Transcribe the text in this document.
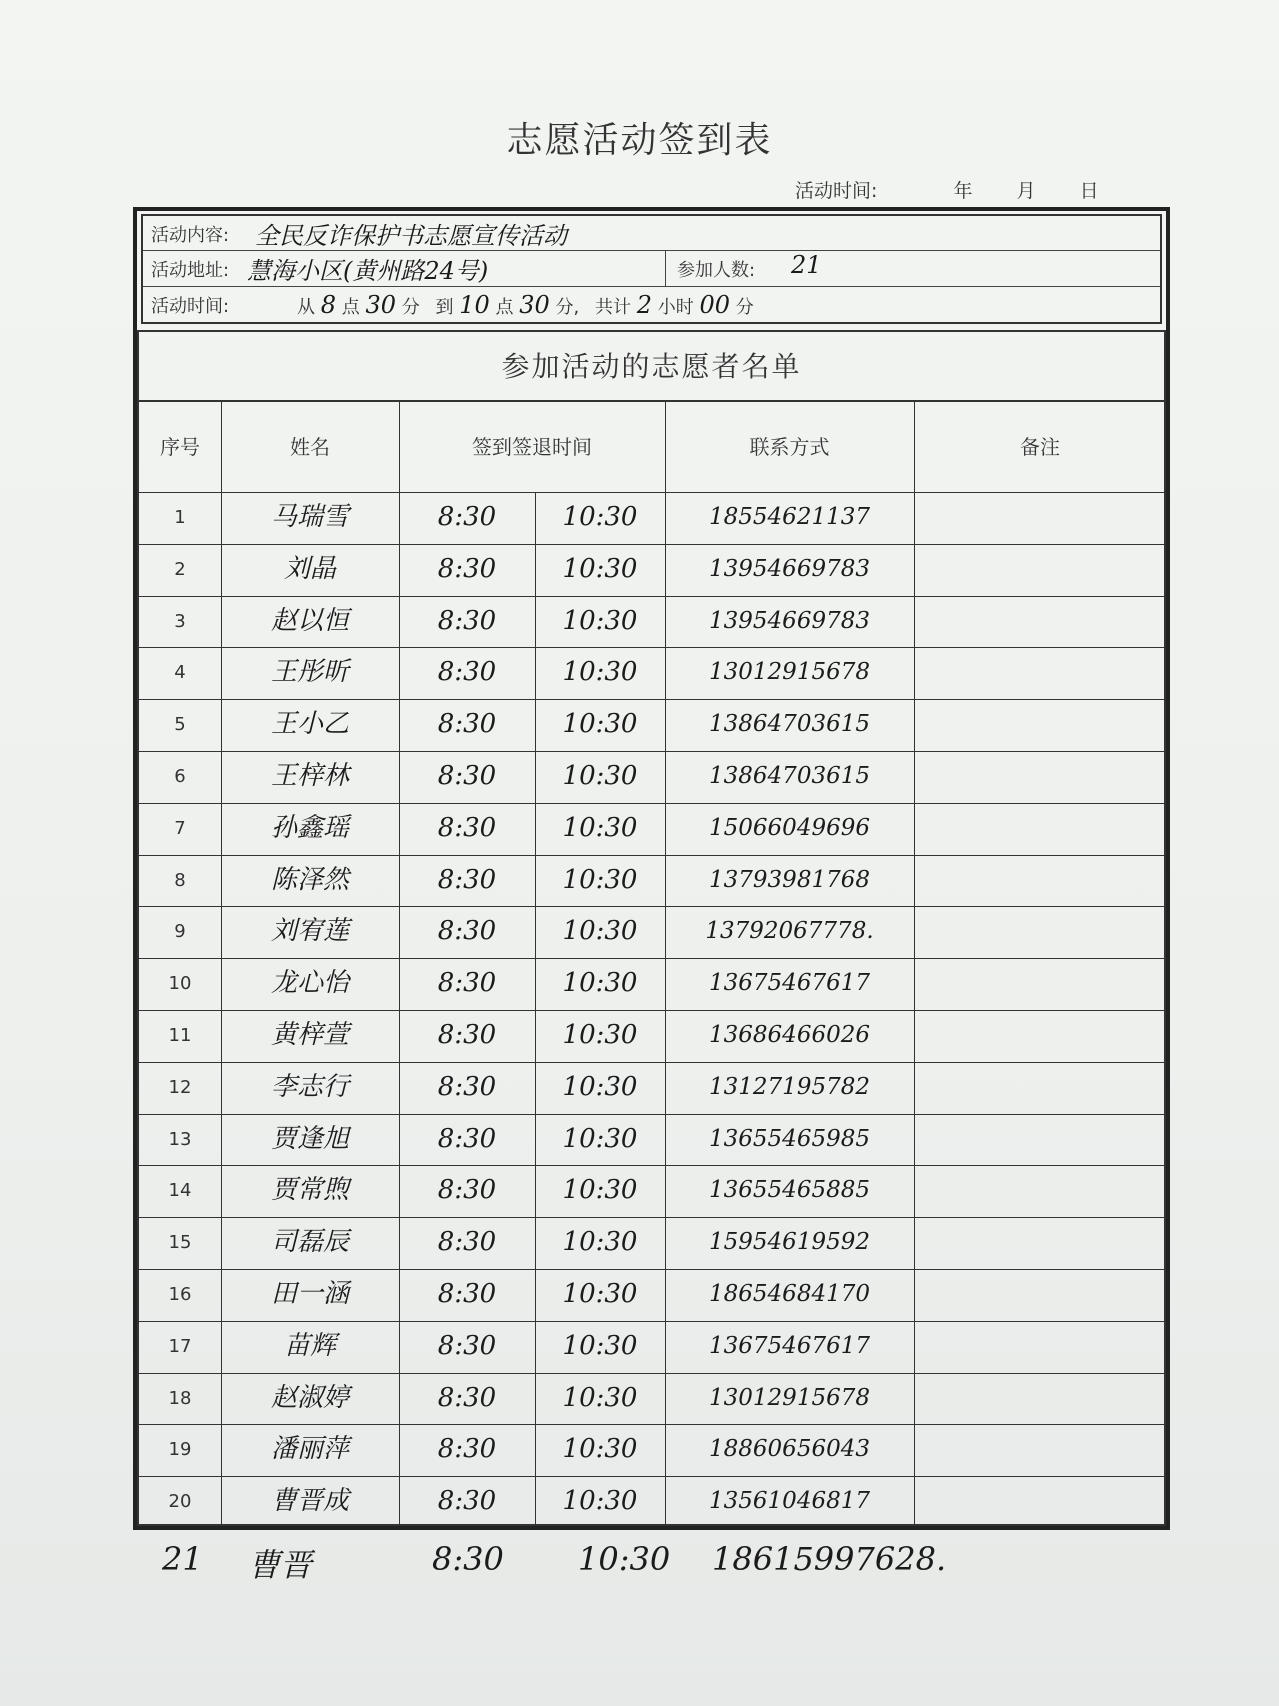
志愿活动签到表
活动时间:	年 月 日
活动内容: 全民反诈保护书志愿宣传活动
活动地址: 慧海小区(黄州路24号)	参加人数: 21
活动时间:	从 8 点 30 分 到 10 点 30 分, 共计 2 小时 00 分
参加活动的志愿者名单
序号	姓名	签到签退时间	联系方式	备注
1	马瑞雪	8:30	10:30	18554621137
2	刘晶	8:30	10:30	13954669783
3	赵以恒	8:30	10:30	13954669783
4	王彤昕	8:30	10:30	13012915678
5	王小乙	8:30	10:30	13864703615
6	王梓林	8:30	10:30	13864703615
7	孙鑫瑶	8:30	10:30	15066049696
8	陈泽然	8:30	10:30	13793981768
9	刘宥莲	8:30	10:30	13792067778.
10	龙心怡	8:30	10:30	13675467617
11	黄梓萱	8:30	10:30	13686466026
12	李志行	8:30	10:30	13127195782
13	贾逢旭	8:30	10:30	13655465985
14	贾常煦	8:30	10:30	13655465885
15	司磊辰	8:30	10:30	15954619592
16	田一涵	8:30	10:30	18654684170
17	苗辉	8:30	10:30	13675467617
18	赵淑婷	8:30	10:30	13012915678
19	潘丽萍	8:30	10:30	18860656043
20	曹晋成	8:30	10:30	13561046817
21 曹晋	8:30 10:30 18615997628.
